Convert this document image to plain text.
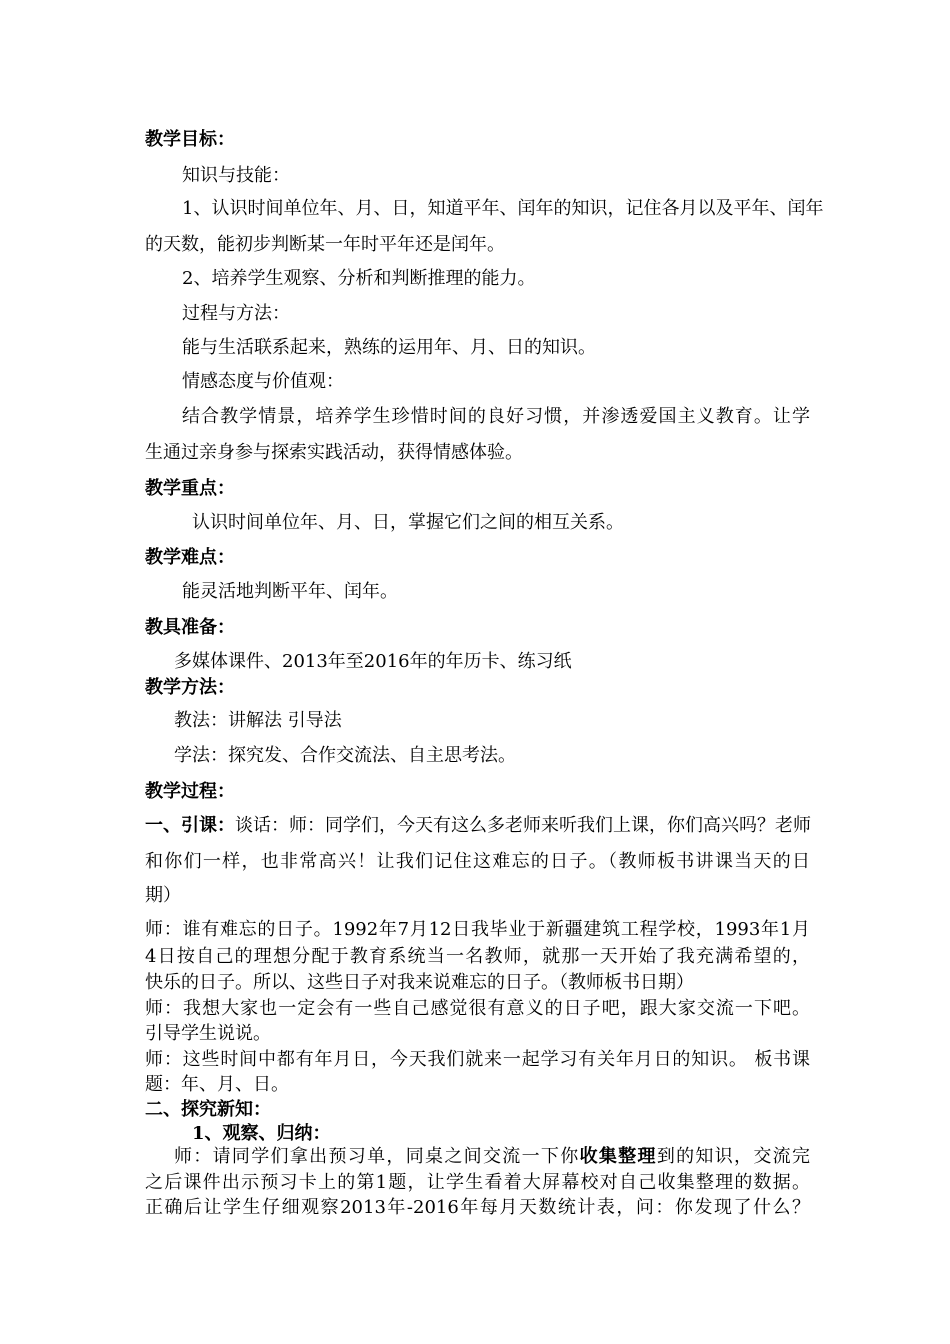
教学目标：
知识与技能：
1、认识时间单位年、月、日，知道平年、闰年的知识，记住各月以及平年、闰年
的天数，能初步判断某一年时平年还是闰年。
2、培养学生观察、分析和判断推理的能力。
过程与方法：
能与生活联系起来，熟练的运用年、月、日的知识。
情感态度与价值观：
结合教学情景，培养学生珍惜时间的良好习惯，并渗透爱国主义教育。让学
生通过亲身参与探索实践活动，获得情感体验。
教学重点：
认识时间单位年、月、日，掌握它们之间的相互关系。
教学难点：
能灵活地判断平年、闰年。
教具准备：
多媒体课件、2013年至2016年的年历卡、练习纸
教学方法：
教法：讲解法 引导法
学法：探究发、合作交流法、自主思考法。
教学过程：
一、引课：谈话：师：同学们，今天有这么多老师来听我们上课，你们高兴吗？老师
和你们一样，也非常高兴！让我们记住这难忘的日子。（教师板书讲课当天的日
期）
师：谁有难忘的日子。1992年7月12日我毕业于新疆建筑工程学校，1993年1月
4日按自己的理想分配于教育系统当一名教师，就那一天开始了我充满希望的，
快乐的日子。所以、这些日子对我来说难忘的日子。（教师板书日期）
师：我想大家也一定会有一些自己感觉很有意义的日子吧，跟大家交流一下吧。
引导学生说说。
师：这些时间中都有年月日，今天我们就来一起学习有关年月日的知识。 板书课
题：年、月、日。
二、探究新知：
1、观察、归纳：
师：请同学们拿出预习单，同桌之间交流一下你收集整理到的知识，交流完
之后课件出示预习卡上的第1题，让学生看着大屏幕校对自己收集整理的数据。
正确后让学生仔细观察2013年-2016年每月天数统计表，问：你发现了什么？
